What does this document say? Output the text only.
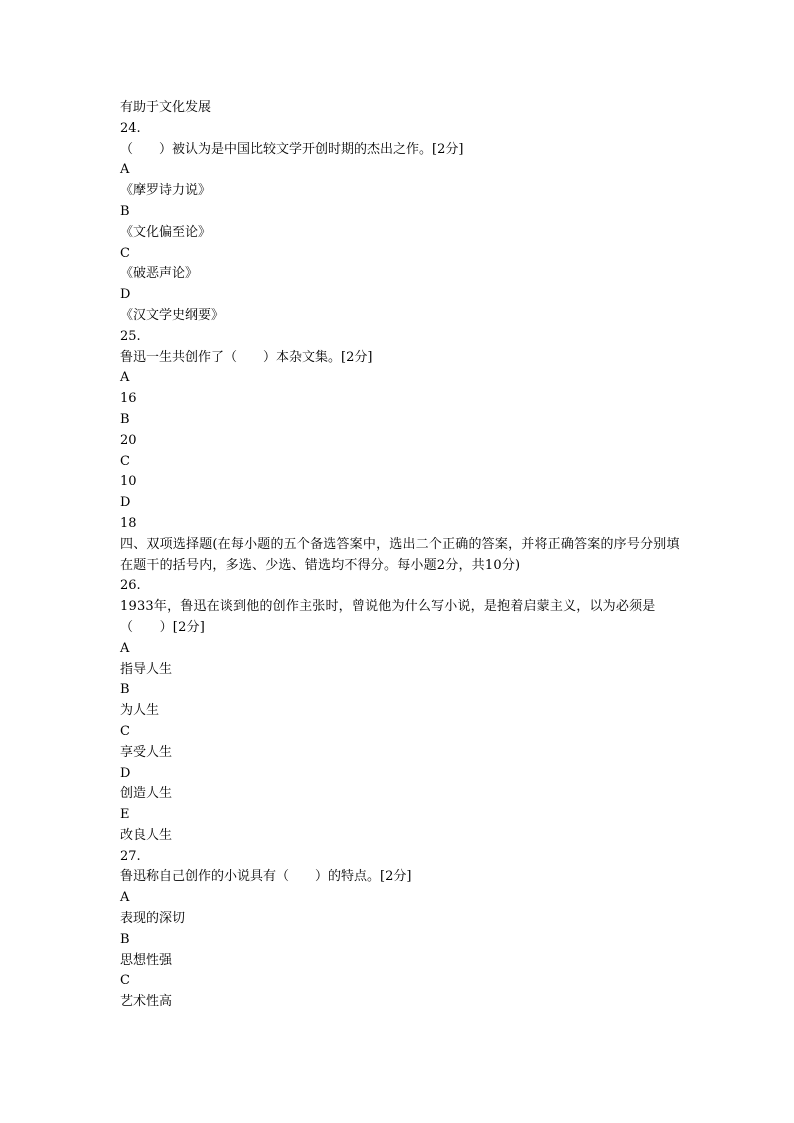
有助于文化发展
24.
（　　）被认为是中国比较文学开创时期的杰出之作。[2分]
A
《摩罗诗力说》
B
《文化偏至论》
C
《破恶声论》
D
《汉文学史纲要》
25.
鲁迅一生共创作了（　　）本杂文集。[2分]
A
16
B
20
C
10
D
18
四、双项选择题(在每小题的五个备选答案中，选出二个正确的答案，并将正确答案的序号分别填在题干的括号内，多选、少选、错选均不得分。每小题2分，共10分)
26.
1933年，鲁迅在谈到他的创作主张时，曾说他为什么写小说，是抱着启蒙主义，以为必须是（　　）[2分]
A
指导人生
B
为人生
C
享受人生
D
创造人生
E
改良人生
27.
鲁迅称自己创作的小说具有（　　）的特点。[2分]
A
表现的深切
B
思想性强
C
艺术性高
